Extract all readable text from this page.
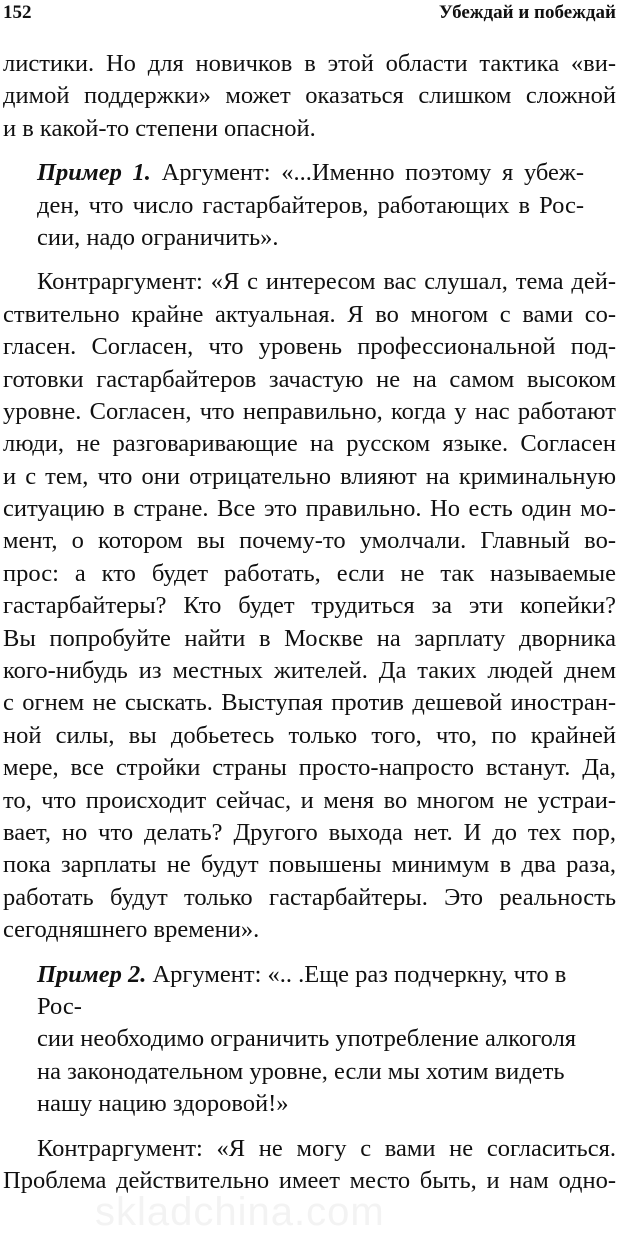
152	Убеждай и побеждай
листики. Но для новичков в этой области тактика «ви-
димой поддержки» может оказаться слишком сложной
и в какой-то степени опасной.
Пример 1. Аргумент: «...Именно поэтому я убеж-
ден, что число гастарбайтеров, работающих в Рос-
сии, надо ограничить».
Контраргумент: «Я с интересом вас слушал, тема дей-
ствительно крайне актуальная. Я во многом с вами со-
гласен. Согласен, что уровень профессиональной под-
готовки гастарбайтеров зачастую не на самом высоком
уровне. Согласен, что неправильно, когда у нас работают
люди, не разговаривающие на русском языке. Согласен
и с тем, что они отрицательно влияют на криминальную
ситуацию в стране. Все это правильно. Но есть один мо-
мент, о котором вы почему-то умолчали. Главный во-
прос: а кто будет работать, если не так называемые
гастарбайтеры? Кто будет трудиться за эти копейки?
Вы попробуйте найти в Москве на зарплату дворника
кого-нибудь из местных жителей. Да таких людей днем
с огнем не сыскать. Выступая против дешевой иностран-
ной силы, вы добьетесь только того, что, по крайней
мере, все стройки страны просто-напросто встанут. Да,
то, что происходит сейчас, и меня во многом не устраи-
вает, но что делать? Другого выхода нет. И до тех пор,
пока зарплаты не будут повышены минимум в два раза,
работать будут только гастарбайтеры. Это реальность
сегодняшнего времени».
Пример 2. Аргумент: «.. .Еще раз подчеркну, что в
Рос-
сии необходимо ограничить употребление алкоголя
на законодательном уровне, если мы хотим видеть
нашу нацию здоровой!»
Контраргумент: «Я не могу с вами не согласиться.
Проблема действительно имеет место быть, и нам одно-
skladchina.com
